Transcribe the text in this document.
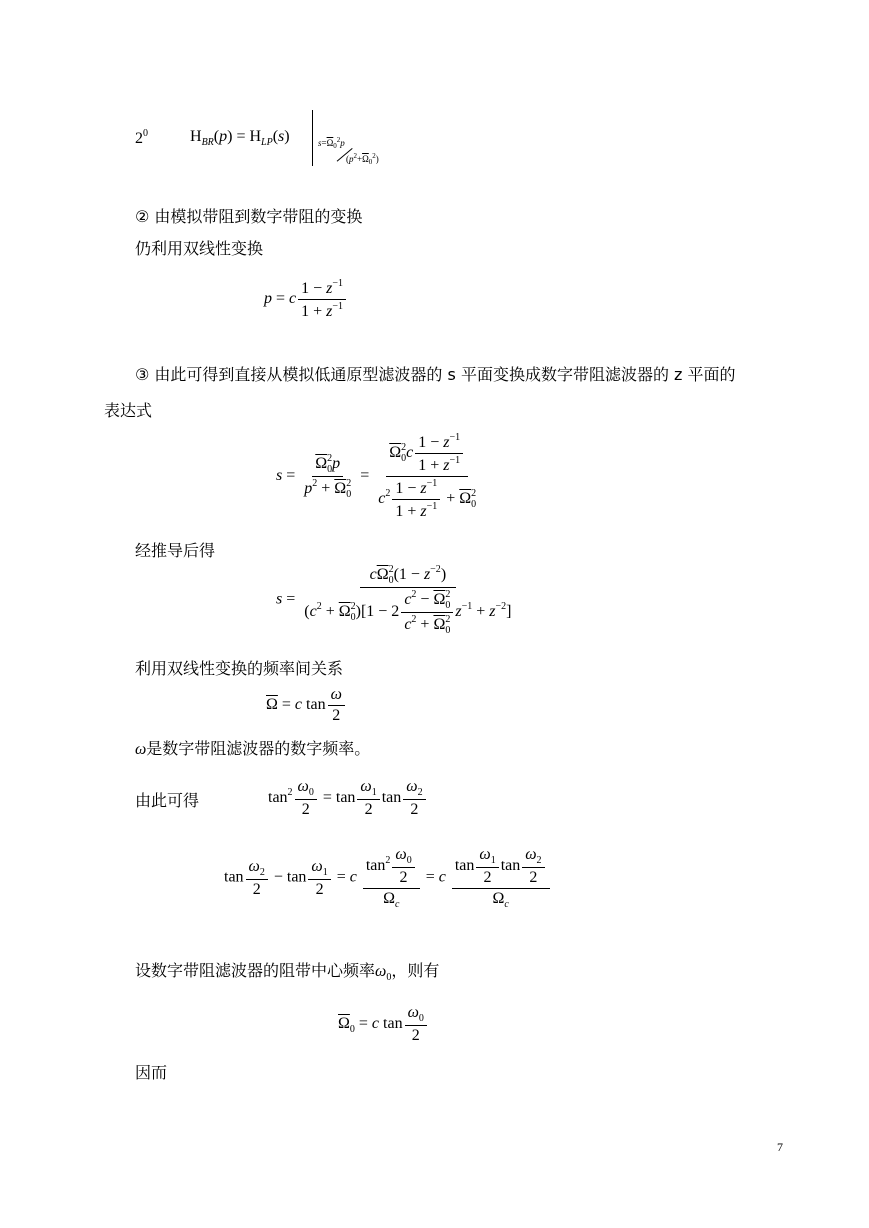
$2^0$	$H_{BR}(p) = H_{LP}(s)$	$s=\overline{\Omega}_0^2p$
$(p^2+\overline{\Omega}_0^2)$
② 由模拟带阻到数字带阻的变换
仍利用双线性变换
p = c $\frac{1 - z^{-1}}{1 + z^{-1}}$
③ 由此可得到直接从模拟低通原型滤波器的 s 平面变换成数字带阻滤波器的 z 平面的
表达式
$s = \frac{\overline{\Omega}_0^2p}{p^2 + \overline{\Omega}_0^2} = \frac{\overline{\Omega}_0^2c \frac{1 - z^{-1}}{1 + z^{-1}}}{c^2 \frac{1 - z^{-1}}{1 + z^{-1}} + \overline{\Omega}_0^2}$
经推导后得
$s = \frac{c\overline{\Omega}_0^2(1 - z^{-2})}{(c^2 + \overline{\Omega}_0^2)[1 - 2 \frac{c^2 - \overline{\Omega}_0^2}{c^2 + \overline{\Omega}_0^2} z^{-1} + z^{-2}]}$
利用双线性变换的频率间关系
$\overline{\Omega} = c$ $\tan \frac{\omega}{2}$
ω是数字带阻滤波器的数字频率。
由此可得	$\tan^2 \frac{\omega_0}{2} = \tan \frac{\omega_1}{2}$ $\tan \frac{\omega_2}{2}$
$\tan \frac{\omega_2}{2} - \tan \frac{\omega_1}{2} = c \frac{\tan^2 \frac{\omega_0}{2}}{\Omega_c} = c \frac{\tan \frac{\omega_1}{2} \tan \frac{\omega_2}{2}}{\Omega_c}$
设数字带阻滤波器的阻带中心频率$\omega_0$，则有
$\overline{\Omega}_0 = c$ $\tan \frac{\omega_0}{2}$
因而
7
